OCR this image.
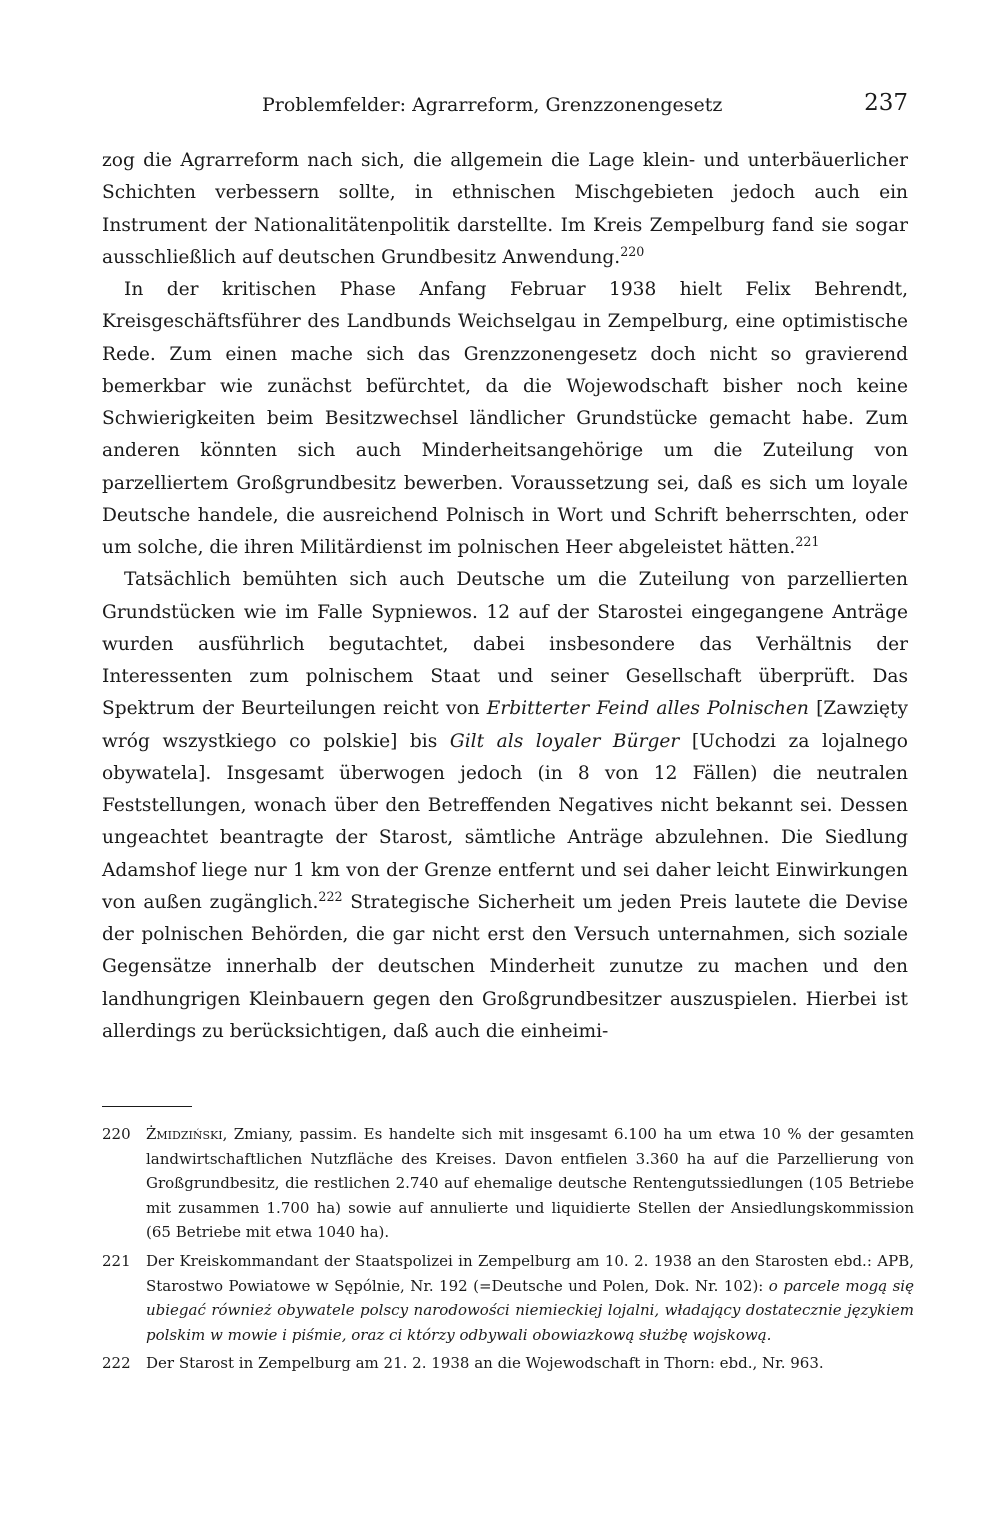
Problemfelder: Agrarreform, Grenzzonengesetz	237

zog die Agrarreform nach sich, die allgemein die Lage klein- und unterbäuerlicher Schichten verbessern sollte, in ethnischen Mischgebieten jedoch auch ein Instrument der Nationalitätenpolitik darstellte. Im Kreis Zempelburg fand sie sogar ausschließlich auf deutschen Grundbesitz Anwendung.$^{220}$

In der kritischen Phase Anfang Februar 1938 hielt Felix Behrendt, Kreisgeschäftsführer des Landbunds Weichselgau in Zempelburg, eine optimistische Rede. Zum einen mache sich das Grenzzonengesetz doch nicht so gravierend bemerkbar wie zunächst befürchtet, da die Wojewodschaft bisher noch keine Schwierigkeiten beim Besitzwechsel ländlicher Grundstücke gemacht habe. Zum anderen könnten sich auch Minderheitsangehörige um die Zuteilung von parzelliertem Großgrundbesitz bewerben. Voraussetzung sei, daß es sich um loyale Deutsche handele, die ausreichend Polnisch in Wort und Schrift beherrschten, oder um solche, die ihren Militärdienst im polnischen Heer abgeleistet hätten.$^{221}$

Tatsächlich bemühten sich auch Deutsche um die Zuteilung von parzellierten Grundstücken wie im Falle Sypniewos. 12 auf der Starostei eingegangene Anträge wurden ausführlich begutachtet, dabei insbesondere das Verhältnis der Interessenten zum polnischem Staat und seiner Gesellschaft überprüft. Das Spektrum der Beurteilungen reicht von Erbitterter Feind alles Polnischen [Zawzięty wróg wszystkiego co polskie] bis Gilt als loyaler Bürger [Uchodzi za lojalnego obywatela]. Insgesamt überwogen jedoch (in 8 von 12 Fällen) die neutralen Feststellungen, wonach über den Betreffenden Negatives nicht bekannt sei. Dessen ungeachtet beantragte der Starost, sämtliche Anträge abzulehnen. Die Siedlung Adamshof liege nur 1 km von der Grenze entfernt und sei daher leicht Einwirkungen von außen zugänglich.$^{222}$ Strategische Sicherheit um jeden Preis lautete die Devise der polnischen Behörden, die gar nicht erst den Versuch unternahmen, sich soziale Gegensätze innerhalb der deutschen Minderheit zunutze zu machen und den landhungrigen Kleinbauern gegen den Großgrundbesitzer auszuspielen. Hierbei ist allerdings zu berücksichtigen, daß auch die einheimi-

220 Żmidziński, Zmiany, passim. Es handelte sich mit insgesamt 6.100 ha um etwa 10 % der gesamten landwirtschaftlichen Nutzfläche des Kreises. Davon entfielen 3.360 ha auf die Parzellierung von Großgrundbesitz, die restlichen 2.740 auf ehemalige deutsche Rentengutssiedlungen (105 Betriebe mit zusammen 1.700 ha) sowie auf annulierte und liquidierte Stellen der Ansiedlungskommission (65 Betriebe mit etwa 1040 ha).
221 Der Kreiskommandant der Staatspolizei in Zempelburg am 10. 2. 1938 an den Starosten ebd.: APB, Starostwo Powiatowe w Sępólnie, Nr. 192 (=Deutsche und Polen, Dok. Nr. 102): o parcele mogą się ubiegać również obywatele polscy narodowości niemieckiej lojalni, władający dostatecznie językiem polskim w mowie i piśmie, oraz ci którzy odbywali obowiazkową służbę wojskową.
222 Der Starost in Zempelburg am 21. 2. 1938 an die Wojewodschaft in Thorn: ebd., Nr. 963.
